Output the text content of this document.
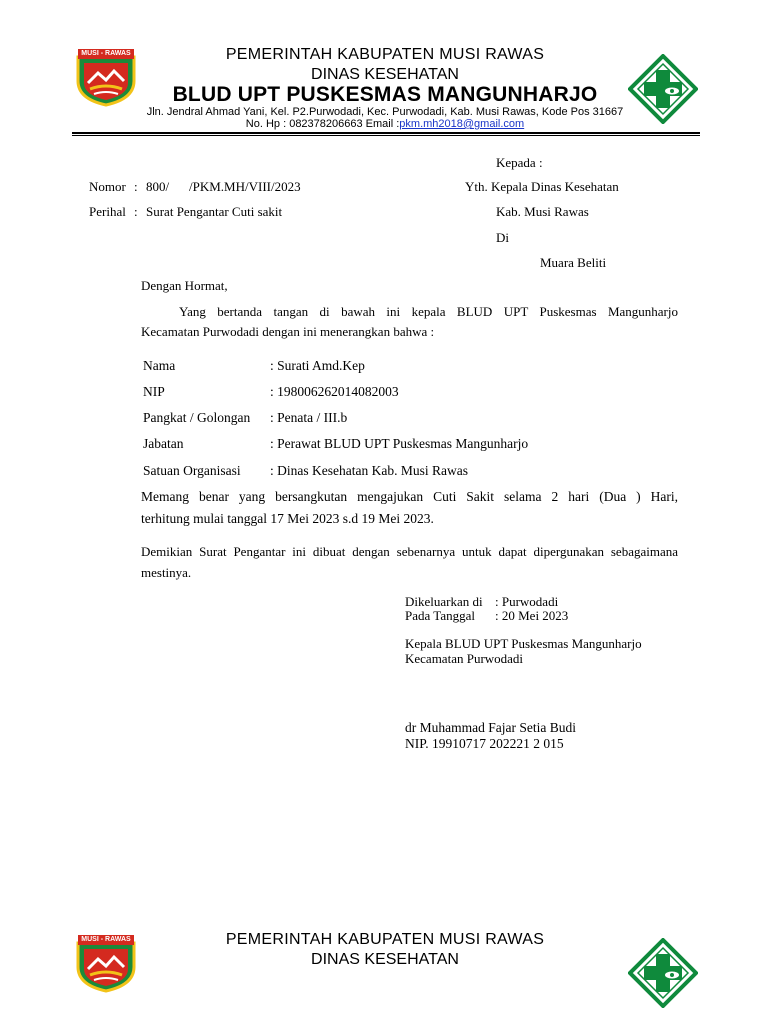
MUSI - RAWAS	PEMERINTAH KABUPATEN MUSI RAWAS
DINAS KESEHATAN
BLUD UPT PUSKESMAS MANGUNHARJO
Jln. Jendral Ahmad Yani, Kel. P2.Purwodadi, Kec. Purwodadi, Kab. Musi Rawas, Kode Pos 31667
No. Hp : 082378206663 Email :pkm.mh2018@gmail.com
Kepada :
Yth. Kepala Dinas Kesehatan
Kab. Musi Rawas
Di
Muara Beliti
Nomor : 800/ /PKM.MH/VIII/2023
Perihal : Surat Pengantar Cuti sakit
Dengan Hormat,
Yang bertanda tangan di bawah ini kepala BLUD UPT Puskesmas Mangunharjo
Kecamatan Purwodadi dengan ini menerangkan bahwa :
Nama	: Surati Amd.Kep
NIP	: 198006262014082003
Pangkat / Golongan : Penata / III.b
Jabatan	: Perawat BLUD UPT Puskesmas Mangunharjo
Satuan Organisasi : Dinas Kesehatan Kab. Musi Rawas
Memang benar yang bersangkutan mengajukan Cuti Sakit selama 2 hari (Dua ) Hari,
terhitung mulai tanggal 17 Mei 2023 s.d 19 Mei 2023.
Demikian Surat Pengantar ini dibuat dengan sebenarnya untuk dapat dipergunakan sebagaimana
mestinya.
Dikeluarkan di : Purwodadi
Pada Tanggal : 20 Mei 2023
Kepala BLUD UPT Puskesmas Mangunharjo
Kecamatan Purwodadi
dr Muhammad Fajar Setia Budi
NIP. 19910717 202221 2 015
MUSI - RAWAS	PEMERINTAH KABUPATEN MUSI RAWAS
DINAS KESEHATAN
